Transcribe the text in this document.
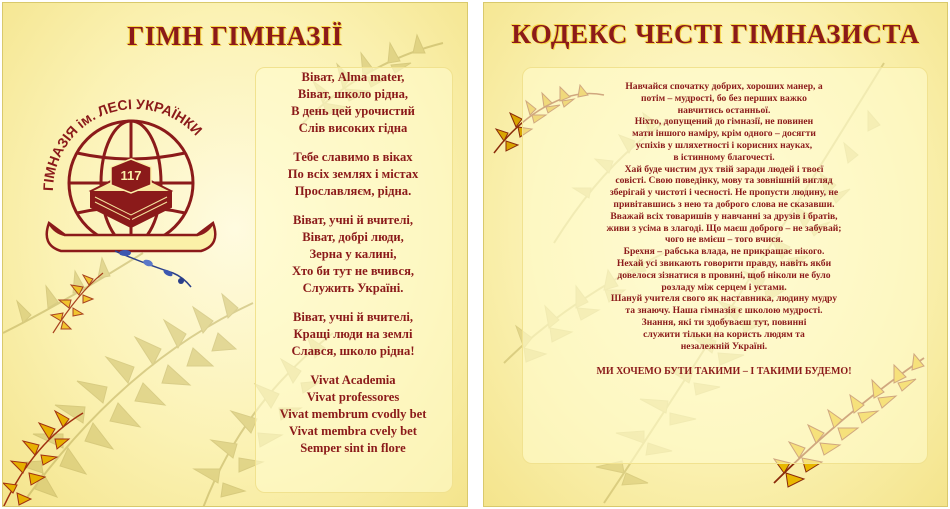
ГІМН ГІМНАЗІЇ
ГІМНАЗІЯ ім. ЛЕСІ УКРАЇНКИ
117
Ї
Віват, Alma mater,
Віват, школо рідна,
В день цей урочистий
Слів високих гідна
Тебе славимо в віках
По всіх землях і містах
Прославляєм, рідна.
Віват, учні й вчителі,
Віват, добрі люди,
Зерна у калині,
Хто би тут не вчився,
Служить Україні.
Віват, учні й вчителі,
Кращі люди на землі
Слався, школо рідна!
Vivat Academia
Vivat professores
Vivat membrum cvodly bet
Vivat membra cvely bet
Semper sint in flore
КОДЕКС ЧЕСТІ ГІМНАЗИСТА
Навчайся спочатку добрих, хороших манер, а
потім – мудрості, бо без перших важко
навчитись останньої.
Ніхто, допущений до гімназії, не повинен
мати іншого наміру, крім одного – досягти
успіхів у шляхетності і корисних науках,
в істинному благочесті.
Хай буде чистим дух твій заради людей і твоєї
совісті. Свою поведінку, мову та зовнішній вигляд
зберігай у чистоті і чесності. Не пропусти людину, не
привітавшись з нею та доброго слова не сказавши.
Вважай всіх товаришів у навчанні за друзів і братів,
живи з усіма в злагоді. Що маєш доброго – не забувай;
чого не вмієш – того вчися.
Брехня – рабська влада, не прикрашає нікого.
Нехай усі звикають говорити правду, навіть якби
довелося зізнатися в провині, щоб ніколи не було
розладу між серцем і устами.
Шануй учителя свого як наставника, людину мудру
та знаючу. Наша гімназія є школою мудрості.
Знання, які ти здобуваєш тут, повинні
служити тільки на користь людям та
незалежній Україні.
МИ ХОЧЕМО БУТИ ТАКИМИ – І ТАКИМИ БУДЕМО!
